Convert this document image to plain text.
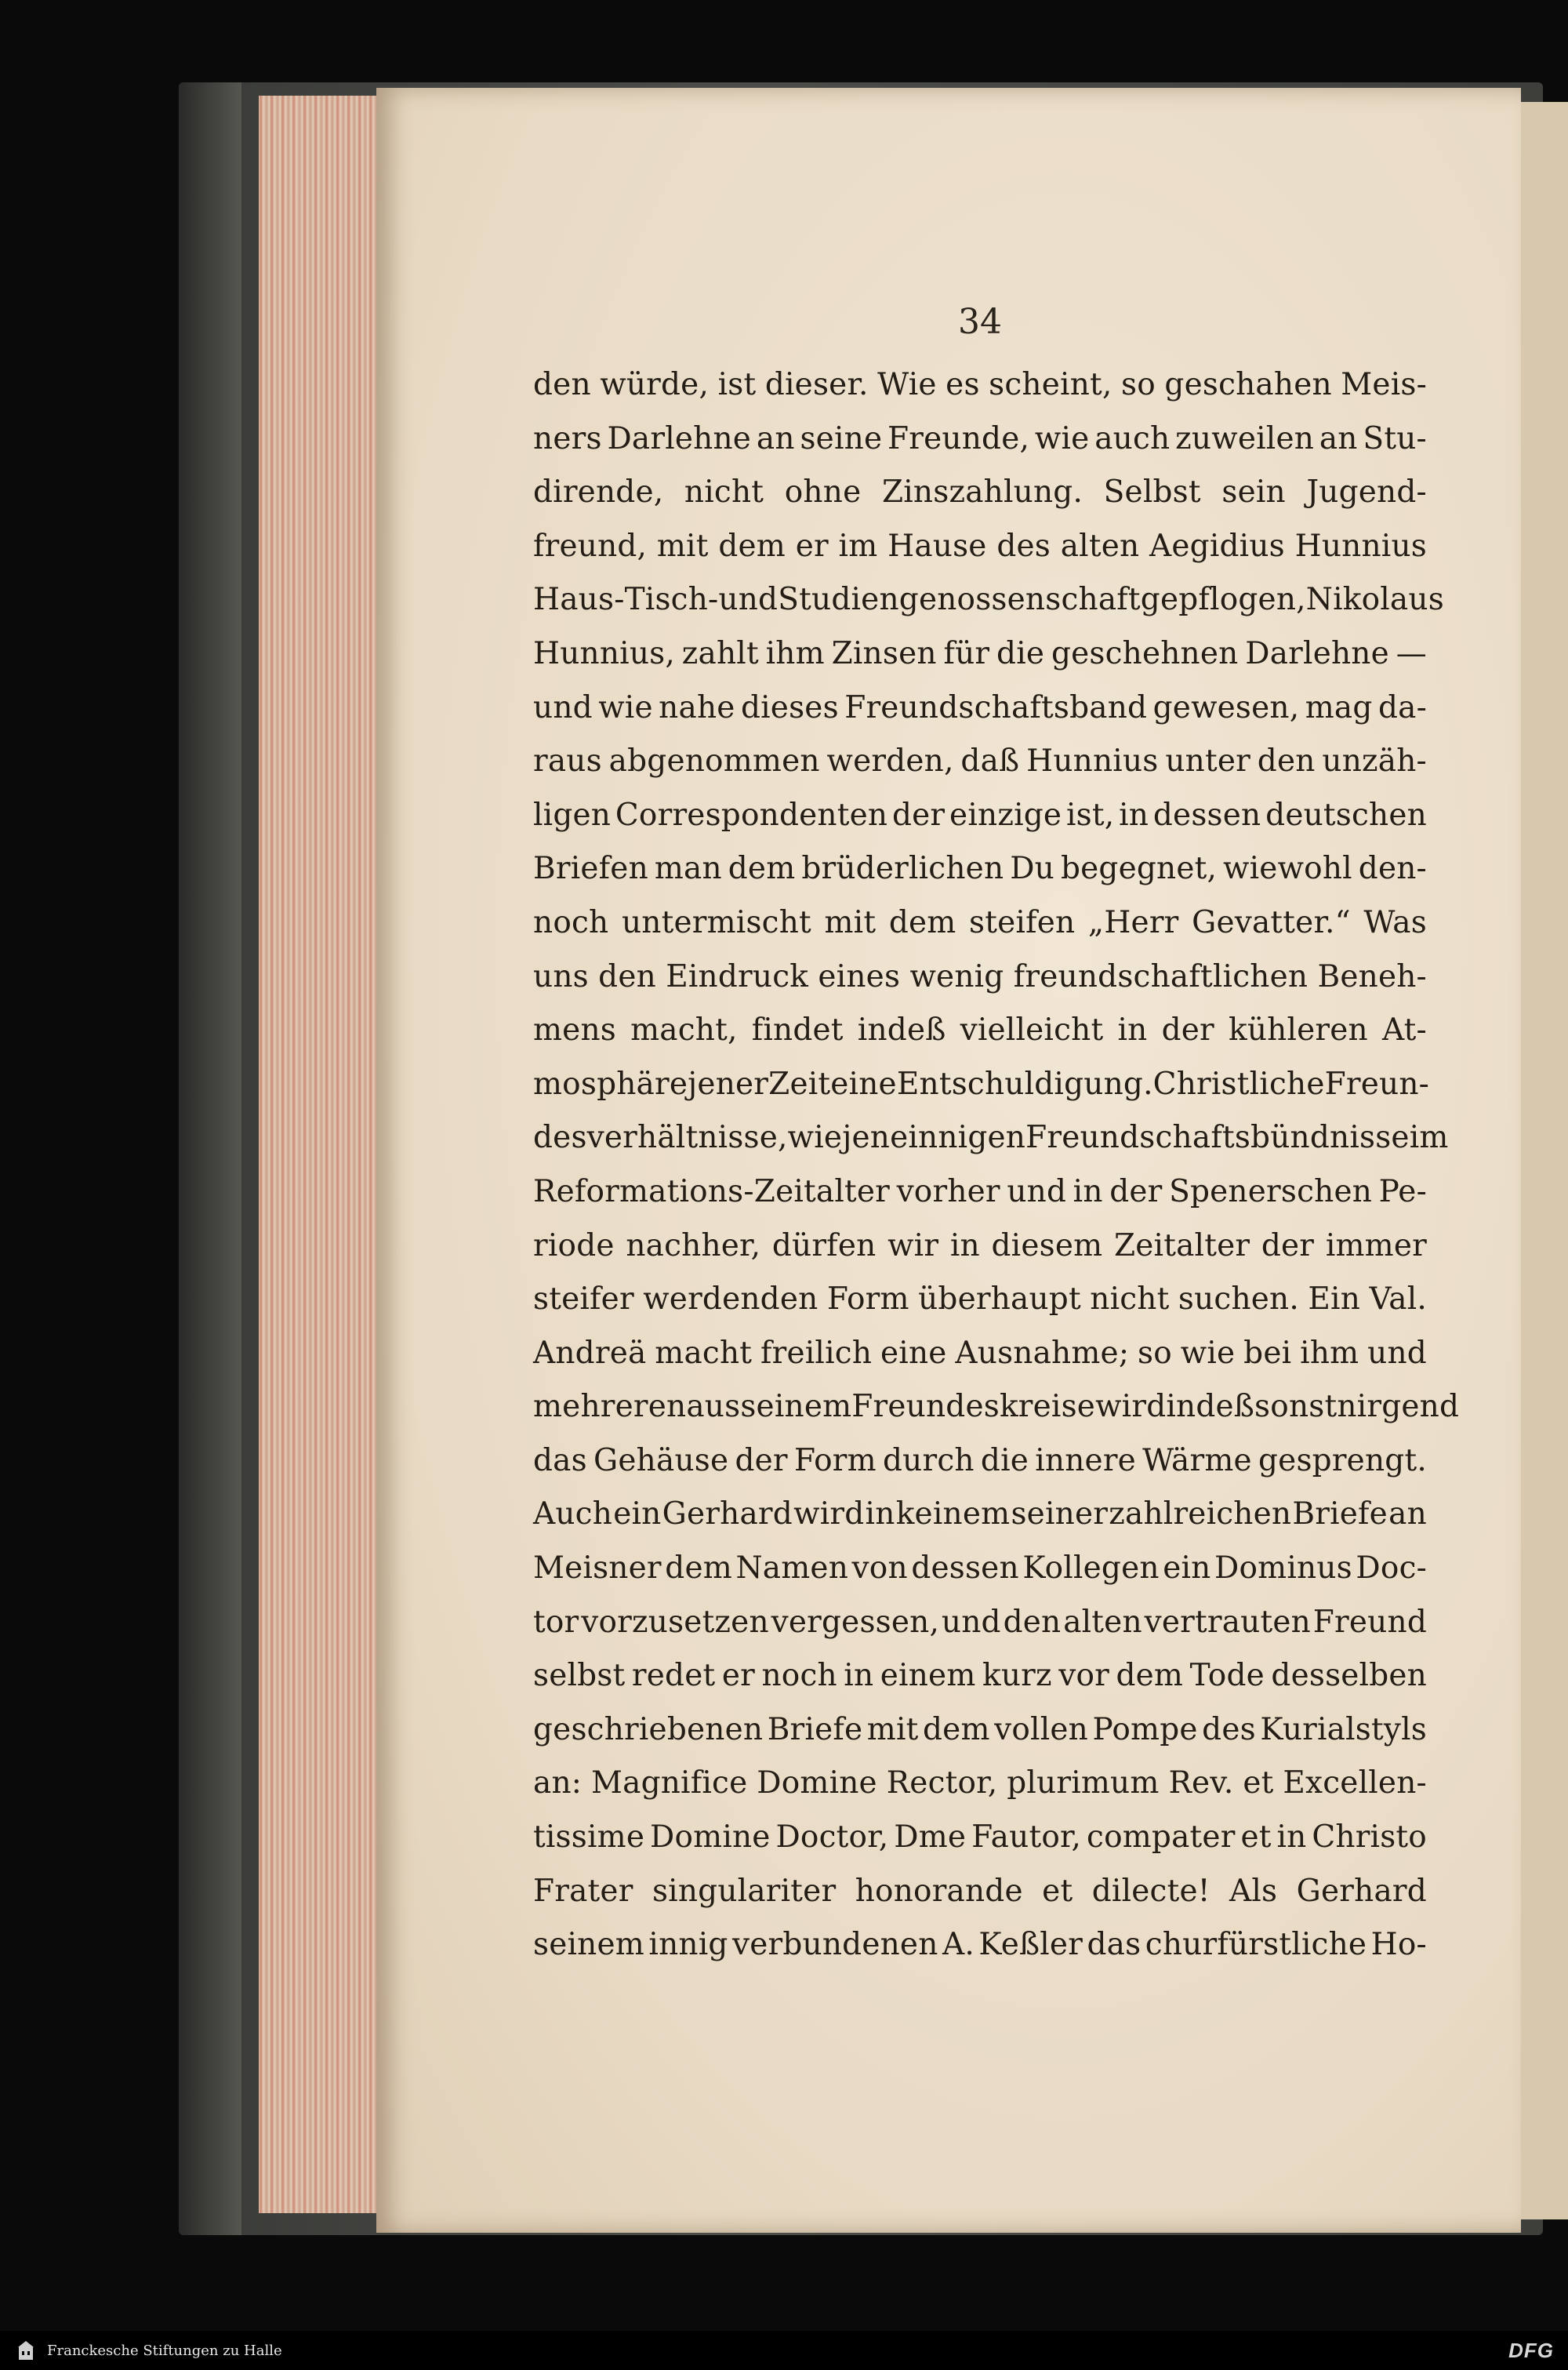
34
den würde, ist dieser. Wie es scheint, so geschahen Meis-
ners Darlehne an seine Freunde, wie auch zuweilen an Stu-
dirende, nicht ohne Zinszahlung. Selbst sein Jugend-
freund, mit dem er im Hause des alten Aegidius Hunnius
Haus- Tisch- und Studiengenossenschaft gepflogen, Nikolaus
Hunnius, zahlt ihm Zinsen für die geschehnen Darlehne —
und wie nahe dieses Freundschaftsband gewesen, mag da-
raus abgenommen werden, daß Hunnius unter den unzäh-
ligen Correspondenten der einzige ist, in dessen deutschen
Briefen man dem brüderlichen Du begegnet, wiewohl den-
noch untermischt mit dem steifen „Herr Gevatter.“ Was
uns den Eindruck eines wenig freundschaftlichen Beneh-
mens macht, findet indeß vielleicht in der kühleren At-
mosphäre jener Zeit eine Entschuldigung. Christliche Freun-
desverhältnisse, wie jene innigen Freundschaftsbündnisse im
Reformations-Zeitalter vorher und in der Spenerschen Pe-
riode nachher, dürfen wir in diesem Zeitalter der immer
steifer werdenden Form überhaupt nicht suchen. Ein Val.
Andreä macht freilich eine Ausnahme; so wie bei ihm und
mehreren aus seinem Freundeskreise wird indeß sonst nirgend
das Gehäuse der Form durch die innere Wärme gesprengt.
Auch ein Gerhard wird in keinem seiner zahlreichen Briefe an
Meisner dem Namen von dessen Kollegen ein Dominus Doc-
tor vorzusetzen vergessen, und den alten vertrauten Freund
selbst redet er noch in einem kurz vor dem Tode desselben
geschriebenen Briefe mit dem vollen Pompe des Kurialstyls
an: Magnifice Domine Rector, plurimum Rev. et Excellen-
tissime Domine Doctor, Dme Fautor, compater et in Christo
Frater singulariter honorande et dilecte! Als Gerhard
seinem innig verbundenen A. Keßler das churfürstliche Ho-
Franckesche Stiftungen zu Halle	DFG
